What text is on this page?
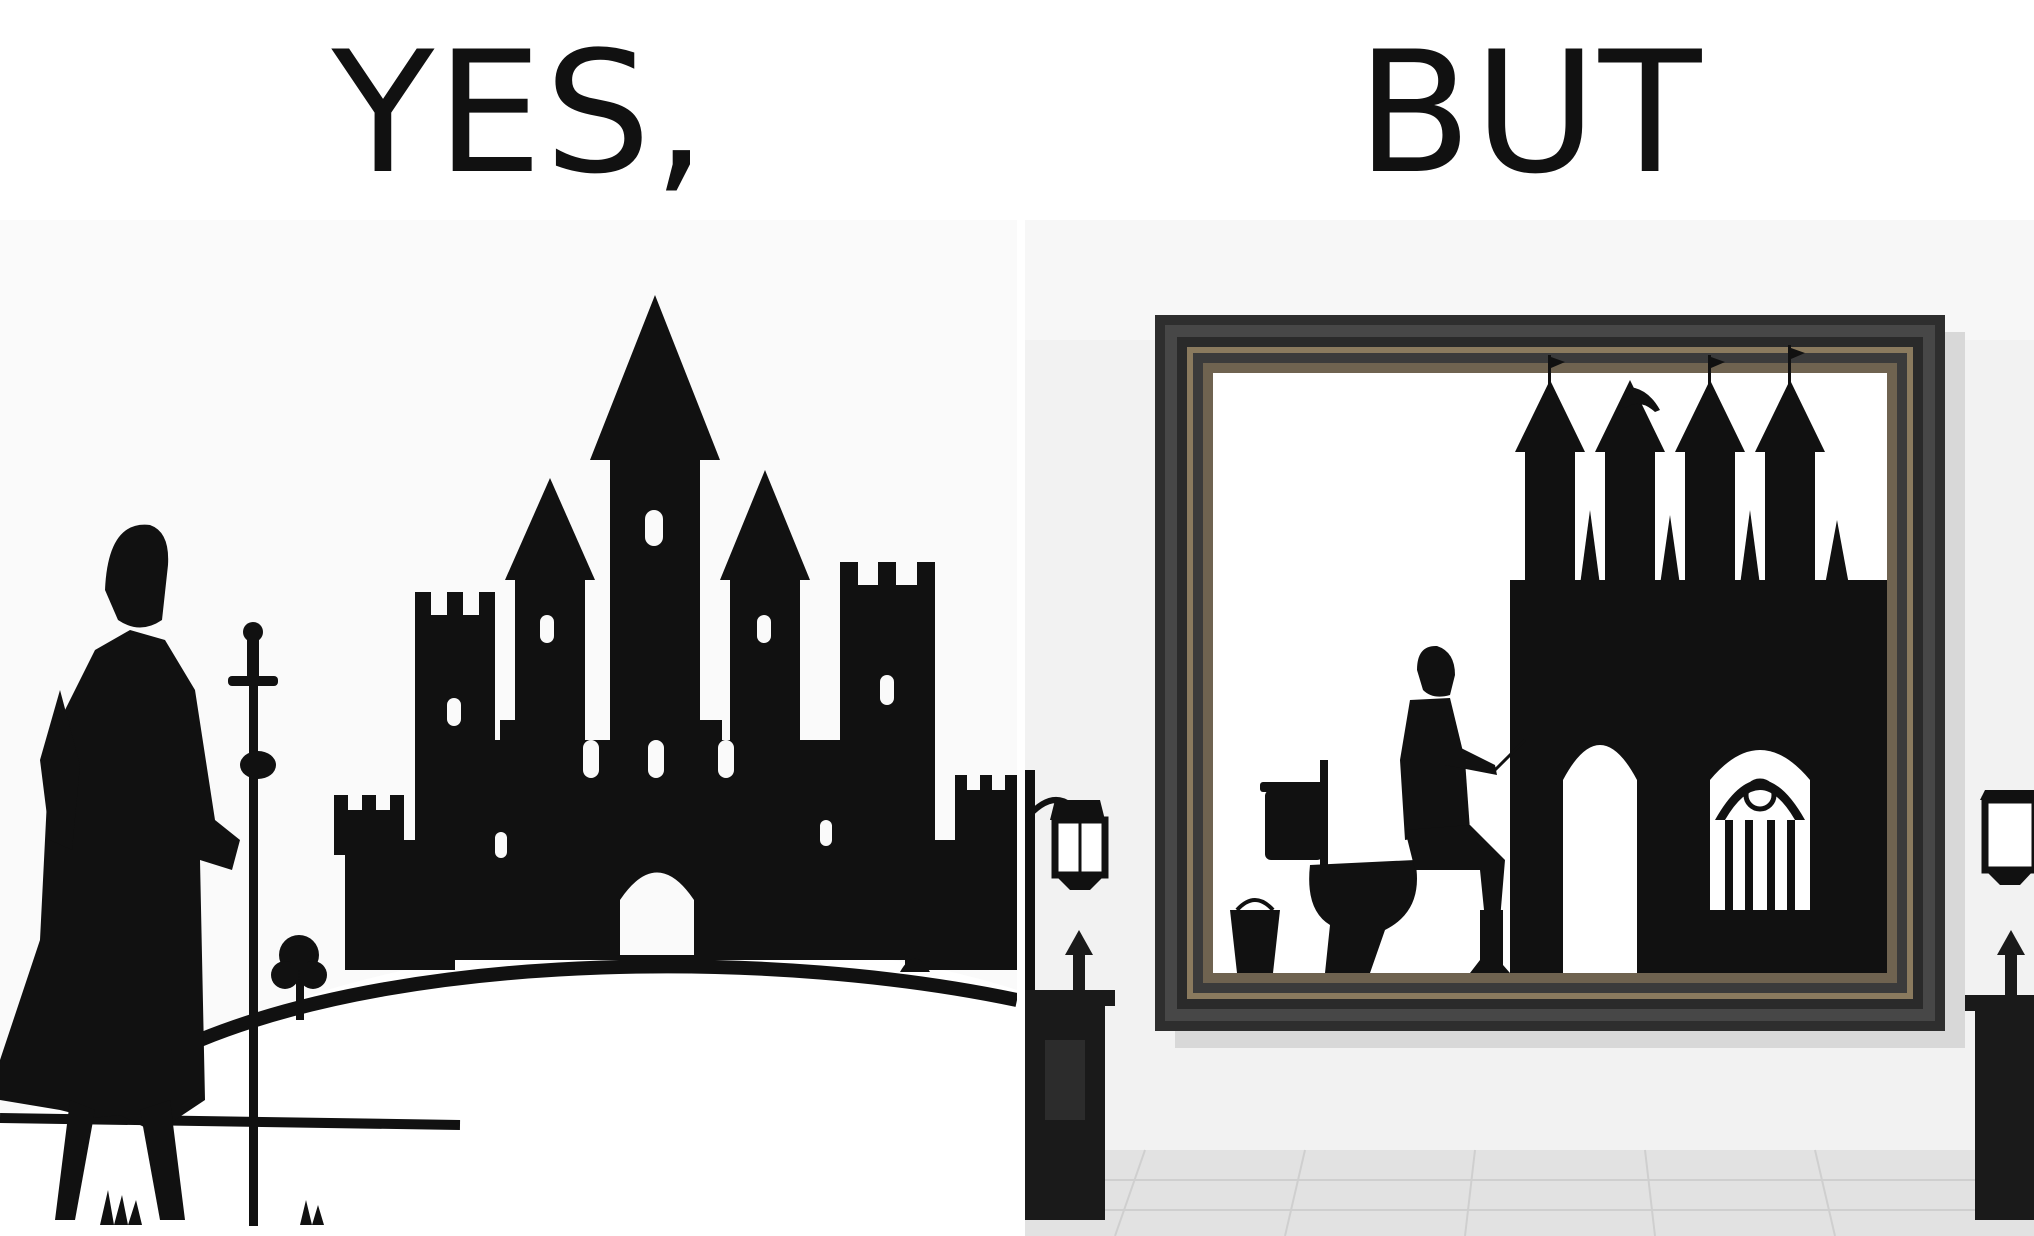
YES,	BUT
